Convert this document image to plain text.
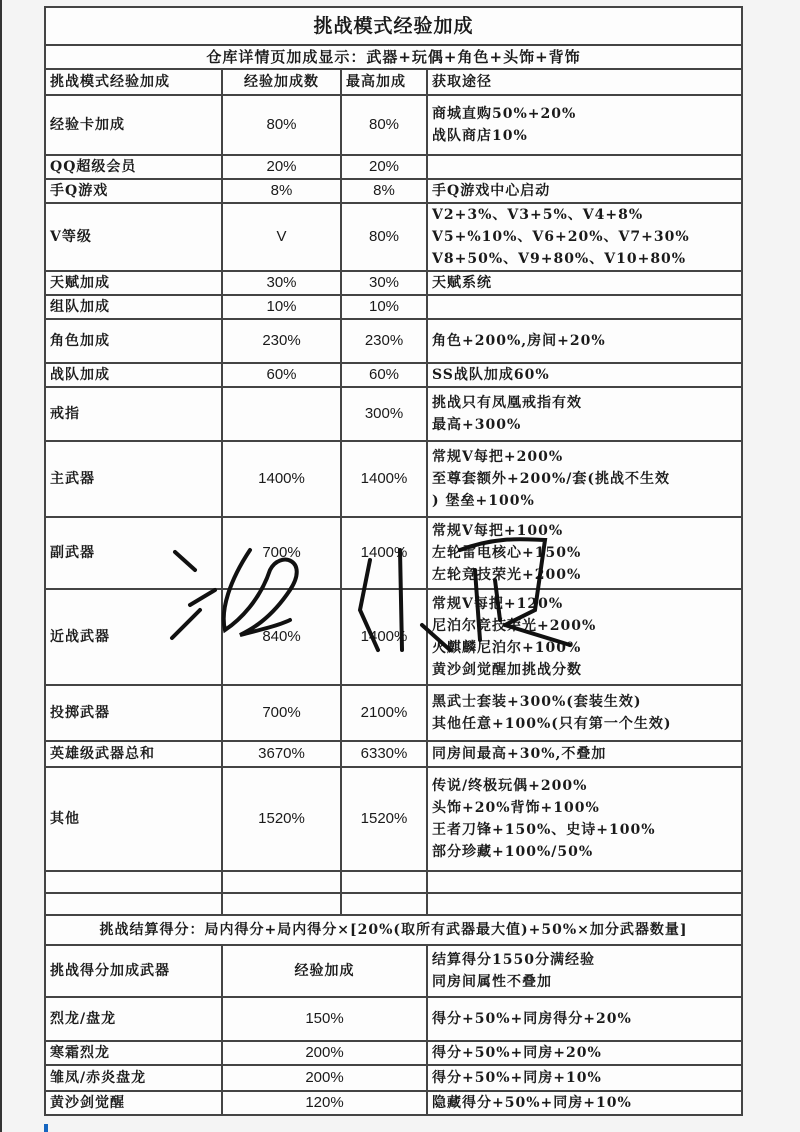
挑战模式经验加成			
仓库详情页加成显示：武器+玩偶+角色+头饰+背饰			
挑战模式经验加成	经验加成数	最高加成	获取途径
经验卡加成	80%	80%	商城直购50%+20%
战队商店10%

QQ超级会员	20%	20%	

手Q游戏	8%	8%	手Q游戏中心启动

V等级	V	80%	V2+3%、V3+5%、V4+8%
V5+%10%、V6+20%、V7+30%
V8+50%、V9+80%、V10+80%

天赋加成	30%	30%	天赋系统

组队加成	10%	10%	

角色加成	230%	230%	角色+200%,房间+20%

战队加成	60%	60%	SS战队加成60%

戒指		300%	挑战只有凤凰戒指有效
最高+300%

主武器	1400%	1400%	常规V每把+200%
至尊套额外+200%/套(挑战不生效
) 堡垒+100%

副武器	700%	1400%	常规V每把+100%
左轮雷电核心+150%
左轮竞技荣光+200%

近战武器	840%	1400%	常规V每把+120%
尼泊尔竞技荣光+200%
火麒麟尼泊尔+100%
黄沙剑觉醒加挑战分数

投掷武器	700%	2100%	黑武士套装+300%(套装生效)
其他任意+100%(只有第一个生效)

英雄级武器总和	3670%	6330%	同房间最高+30%,不叠加

其他	1520%	1520%	传说/终极玩偶+200%
头饰+20%背饰+100%
王者刀锋+150%、史诗+100%
部分珍藏+100%/50%

挑战结算得分：局内得分+局内得分×[20%(取所有武器最大值)+50%×加分武器数量]			
挑战得分加成武器	经验加成		结算得分1550分满经验
同房间属性不叠加

烈龙/盘龙	150%		得分+50%+同房得分+20%
寒霜烈龙	200%		得分+50%+同房+20%
雏凤/赤炎盘龙	200%		得分+50%+同房+10%
黄沙剑觉醒	120%		隐藏得分+50%+同房+10%
